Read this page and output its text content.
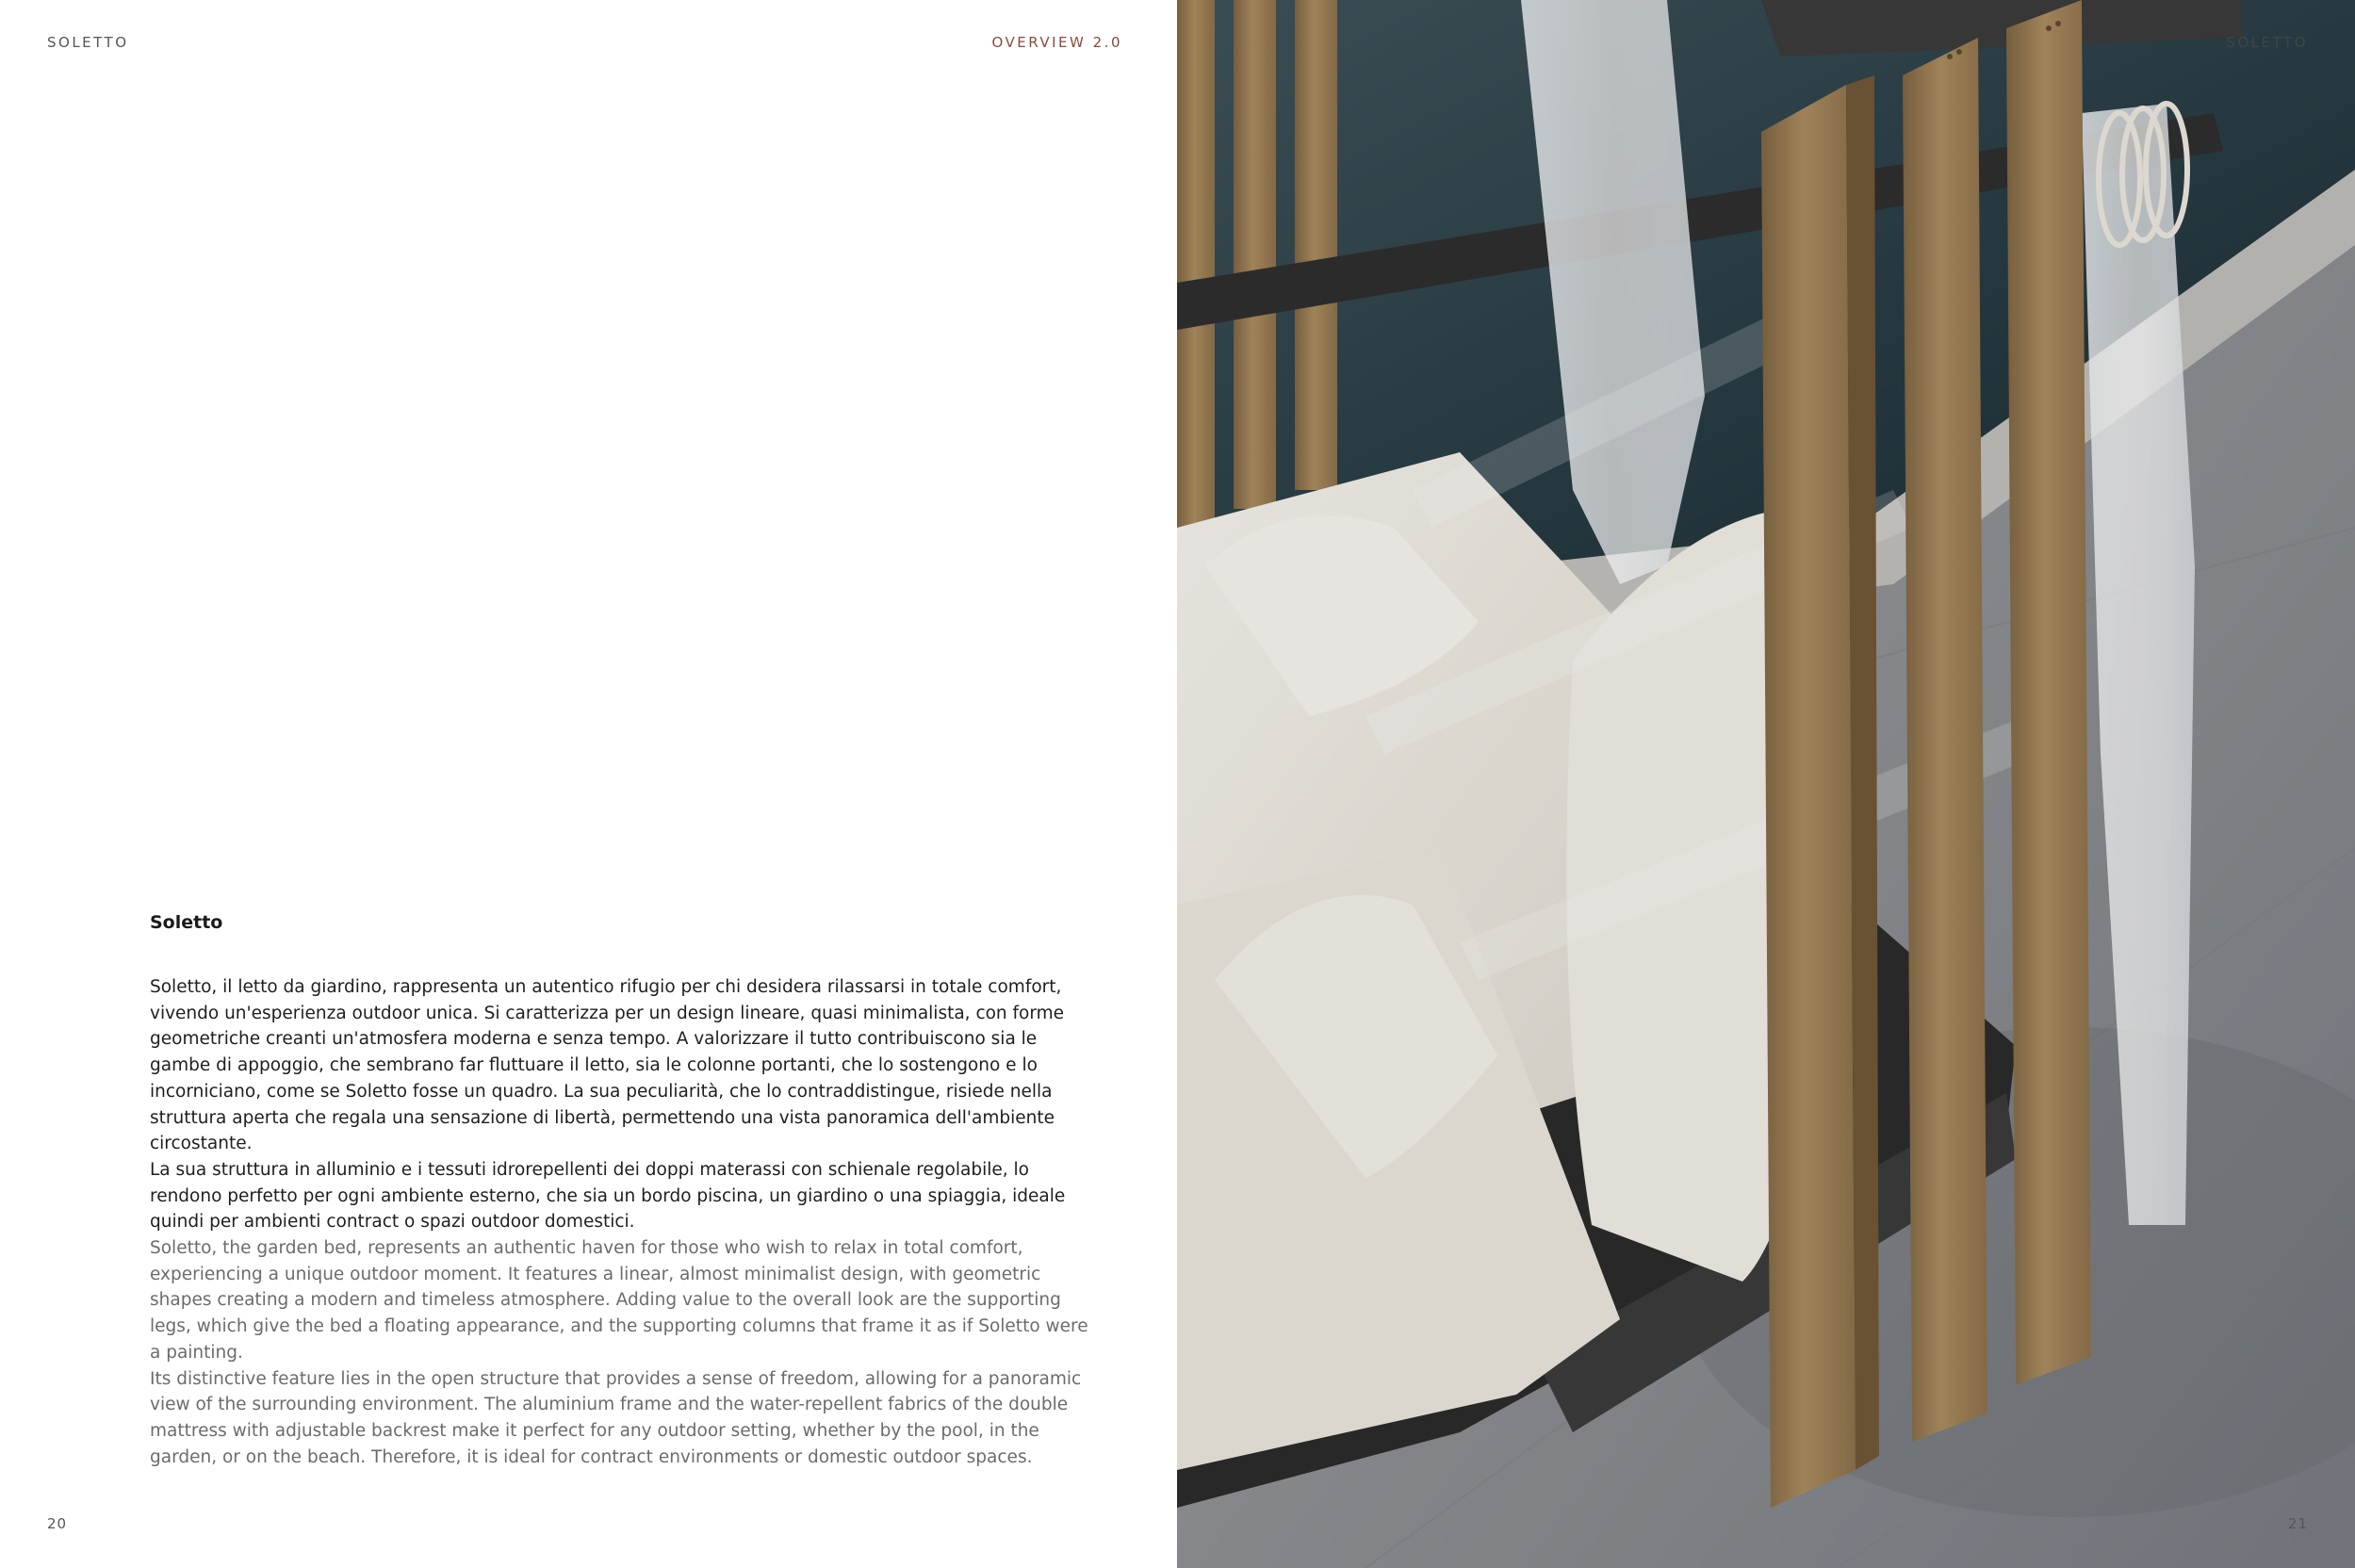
SOLETTO	OVERVIEW 2.0
Soletto

Soletto, il letto da giardino, rappresenta un autentico rifugio per chi desidera rilassarsi in totale comfort, vivendo un'esperienza outdoor unica. Si caratterizza per un design lineare, quasi minimalista, con forme geometriche creanti un'atmosfera moderna e senza tempo. A valorizzare il tutto contribuiscono sia le gambe di appoggio, che sembrano far fluttuare il letto, sia le colonne portanti, che lo sostengono e lo incorniciano, come se Soletto fosse un quadro. La sua peculiarità, che lo contraddistingue, risiede nella struttura aperta che regala una sensazione di libertà, permettendo una vista panoramica dell'ambiente circostante.

La sua struttura in alluminio e i tessuti idrorepellenti dei doppi materassi con schienale regolabile, lo rendono perfetto per ogni ambiente esterno, che sia un bordo piscina, un giardino o una spiaggia, ideale quindi per ambienti contract o spazi outdoor domestici.

Soletto, the garden bed, represents an authentic haven for those who wish to relax in total comfort, experiencing a unique outdoor moment. It features a linear, almost minimalist design, with geometric shapes creating a modern and timeless atmosphere. Adding value to the overall look are the supporting legs, which give the bed a floating appearance, and the supporting columns that frame it as if Soletto were a painting.

Its distinctive feature lies in the open structure that provides a sense of freedom, allowing for a panoramic view of the surrounding environment. The aluminium frame and the water-repellent fabrics of the double mattress with adjustable backrest make it perfect for any outdoor setting, whether by the pool, in the garden, or on the beach. Therefore, it is ideal for contract environments or domestic outdoor spaces.

20
SOLETTO
21
